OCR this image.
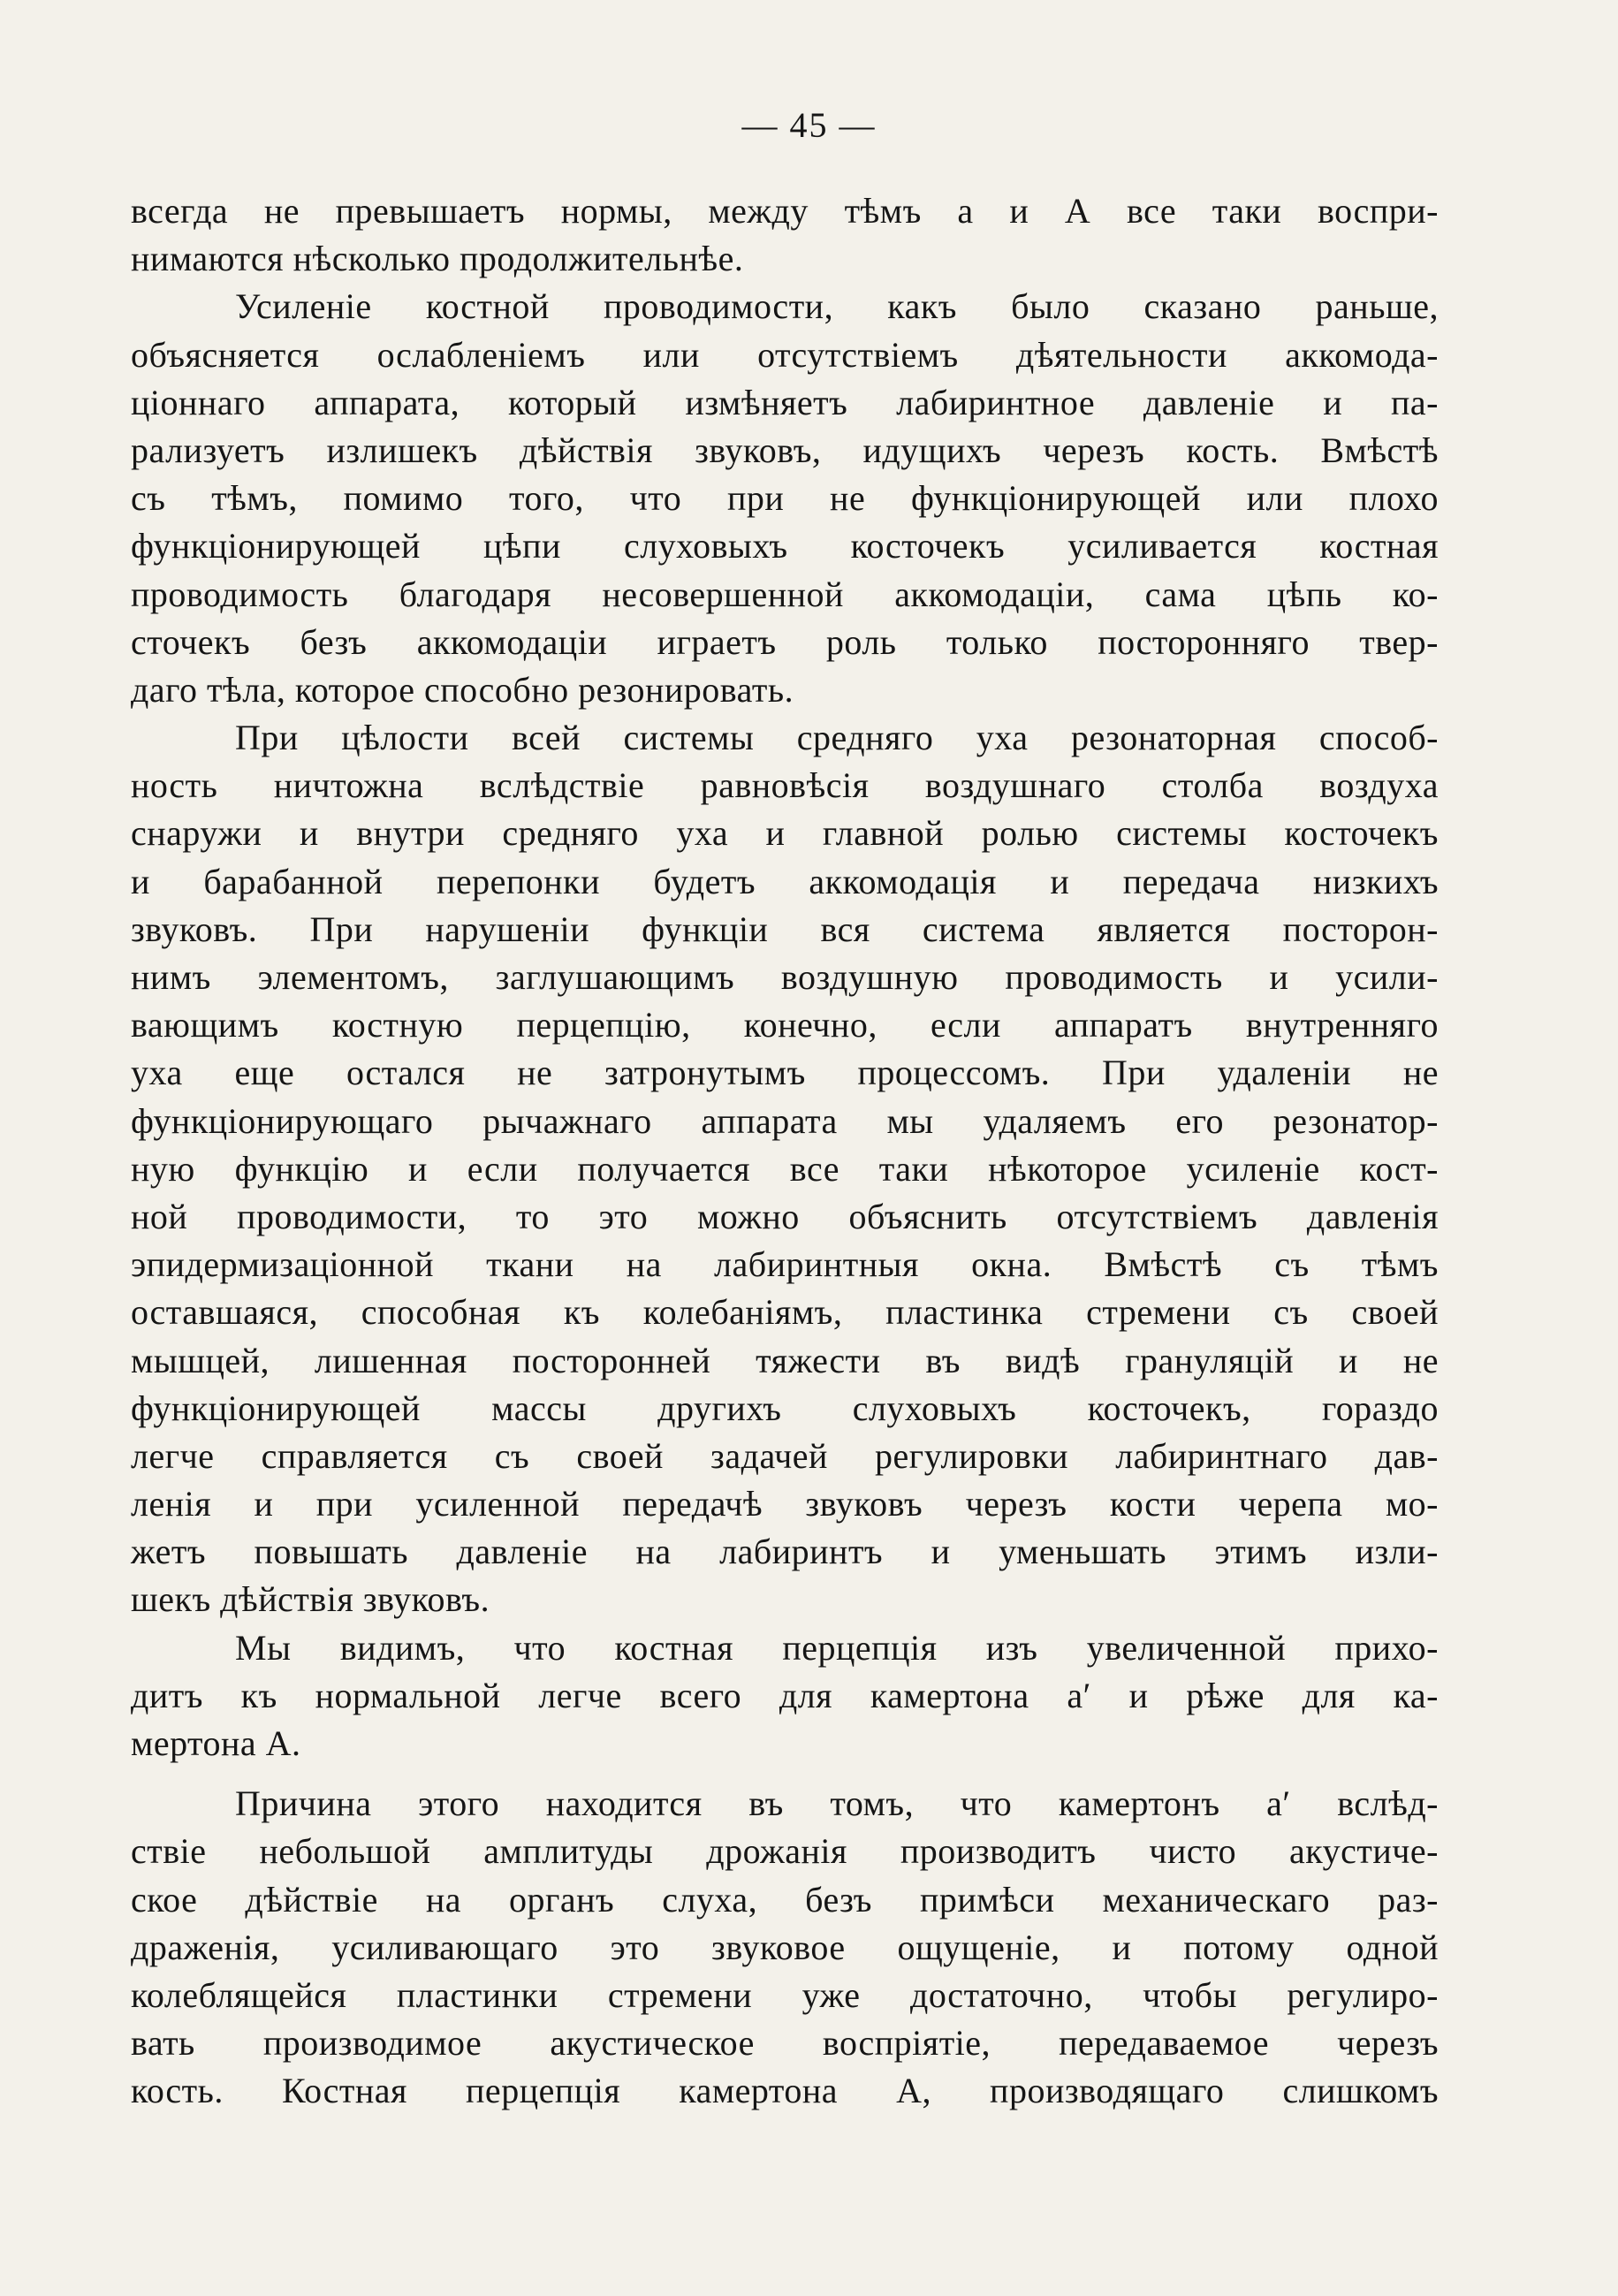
— 45 —
всегда не превышаетъ нормы, между тѣмъ а и А все таки воспри-
нимаются нѣсколько продолжительнѣе.
Усиленіе костной проводимости, какъ было сказано раньше,
объясняется ослабленіемъ или отсутствіемъ дѣятельности аккомода-
ціоннаго аппарата, который измѣняетъ лабиринтное давленіе и па-
рализуетъ излишекъ дѣйствія звуковъ, идущихъ черезъ кость. Вмѣстѣ
съ тѣмъ, помимо того, что при не функціонирующей или плохо
функціонирующей цѣпи слуховыхъ косточекъ усиливается костная
проводимость благодаря несовершенной аккомодаціи, сама цѣпь ко-
сточекъ безъ аккомодаціи играетъ роль только посторонняго твер-
даго тѣла, которое способно резонировать.
При цѣлости всей системы средняго уха резонаторная способ-
ность ничтожна вслѣдствіе равновѣсія воздушнаго столба воздуха
снаружи и внутри средняго уха и главной ролью системы косточекъ
и барабанной перепонки будетъ аккомодація и передача низкихъ
звуковъ. При нарушеніи функціи вся система является посторон-
нимъ элементомъ, заглушающимъ воздушную проводимость и усили-
вающимъ костную перцепцію, конечно, если аппаратъ внутренняго
уха еще остался не затронутымъ процессомъ. При удаленіи не
функціонирующаго рычажнаго аппарата мы удаляемъ его резонатор-
ную функцію и если получается все таки нѣкоторое усиленіе кост-
ной проводимости, то это можно объяснить отсутствіемъ давленія
эпидермизаціонной ткани на лабиринтныя окна. Вмѣстѣ съ тѣмъ
оставшаяся, способная къ колебаніямъ, пластинка стремени съ своей
мышцей, лишенная посторонней тяжести въ видѣ грануляцій и не
функціонирующей массы другихъ слуховыхъ косточекъ, гораздо
легче справляется съ своей задачей регулировки лабиринтнаго дав-
ленія и при усиленной передачѣ звуковъ черезъ кости черепа мо-
жетъ повышать давленіе на лабиринтъ и уменьшать этимъ изли-
шекъ дѣйствія звуковъ.
Мы видимъ, что костная перцепція изъ увеличенной прихо-
дитъ къ нормальной легче всего для камертона а′ и рѣже для ка-
мертона А.
Причина этого находится въ томъ, что камертонъ а′ вслѣд-
ствіе небольшой амплитуды дрожанія производитъ чисто акустиче-
ское дѣйствіе на органъ слуха, безъ примѣси механическаго раз-
драженія, усиливающаго это звуковое ощущеніе, и потому одной
колеблящейся пластинки стремени уже достаточно, чтобы регулиро-
вать производимое акустическое воспріятіе, передаваемое черезъ
кость. Костная перцепція камертона А, производящаго слишкомъ
